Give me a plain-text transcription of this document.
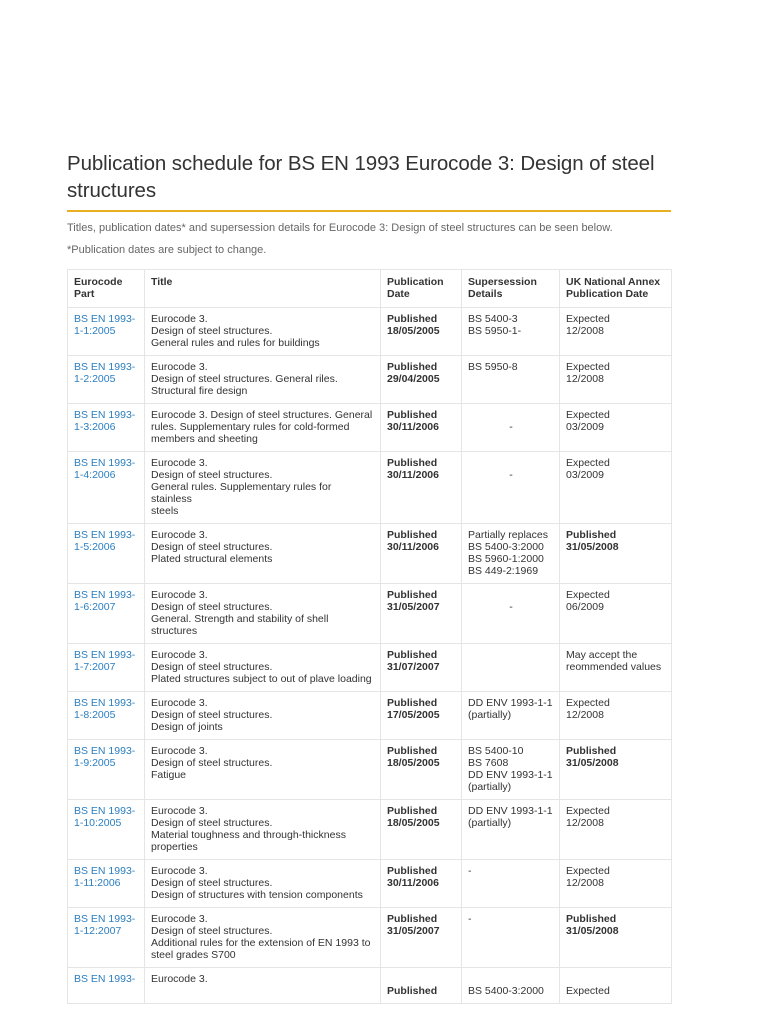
Publication schedule for BS EN 1993 Eurocode 3: Design of steel structures

Titles, publication dates* and supersession details for Eurocode 3: Design of steel structures can be seen below.

*Publication dates are subject to change.

Eurocode Part	Title	Publication Date	Supersession Details	UK National Annex Publication Date

BS EN 1993-
1-1:2005	Eurocode 3.
Design of steel structures.
General rules and rules for buildings	Published
18/05/2005	BS 5400-3
BS 5950-1-	Expected
12/2008

BS EN 1993-
1-2:2005	Eurocode 3.
Design of steel structures. General riles.
Structural fire design	Published
29/04/2005	BS 5950-8	Expected
12/2008

BS EN 1993-
1-3:2006	Eurocode 3. Design of steel structures. General
rules. Supplementary rules for cold-formed
members and sheeting	Published
30/11/2006	-	Expected
03/2009

BS EN 1993-
1-4:2006	Eurocode 3.
Design of steel structures.
General rules. Supplementary rules for stainless
steels	Published
30/11/2006	-	Expected
03/2009

BS EN 1993-
1-5:2006	Eurocode 3.
Design of steel structures.
Plated structural elements	Published
30/11/2006	Partially replaces
BS 5400-3:2000
BS 5960-1:2000
BS 449-2:1969	Published
31/05/2008

BS EN 1993-
1-6:2007	Eurocode 3.
Design of steel structures.
General. Strength and stability of shell structures	Published
31/05/2007	-	Expected
06/2009

BS EN 1993-
1-7:2007	Eurocode 3.
Design of steel structures.
Plated structures subject to out of plave loading	Published
31/07/2007		May accept the
reommended values

BS EN 1993-
1-8:2005	Eurocode 3.
Design of steel structures.
Design of joints	Published
17/05/2005	DD ENV 1993-1-1
(partially)	Expected
12/2008

BS EN 1993-
1-9:2005	Eurocode 3.
Design of steel structures.
Fatigue	Published
18/05/2005	BS 5400-10
BS 7608
DD ENV 1993-1-1
(partially)	Published
31/05/2008

BS EN 1993-
1-10:2005	Eurocode 3.
Design of steel structures.
Material toughness and through-thickness
properties	Published
18/05/2005	DD ENV 1993-1-1
(partially)	Expected
12/2008

BS EN 1993-
1-11:2006	Eurocode 3.
Design of steel structures.
Design of structures with tension components	Published
30/11/2006	-	Expected
12/2008

BS EN 1993-
1-12:2007	Eurocode 3.
Design of steel structures.
Additional rules for the extension of EN 1993 to
steel grades S700	Published
31/05/2007	-	Published
31/05/2008

BS EN 1993-	Eurocode 3.	Published	BS 5400-3:2000	Expected
